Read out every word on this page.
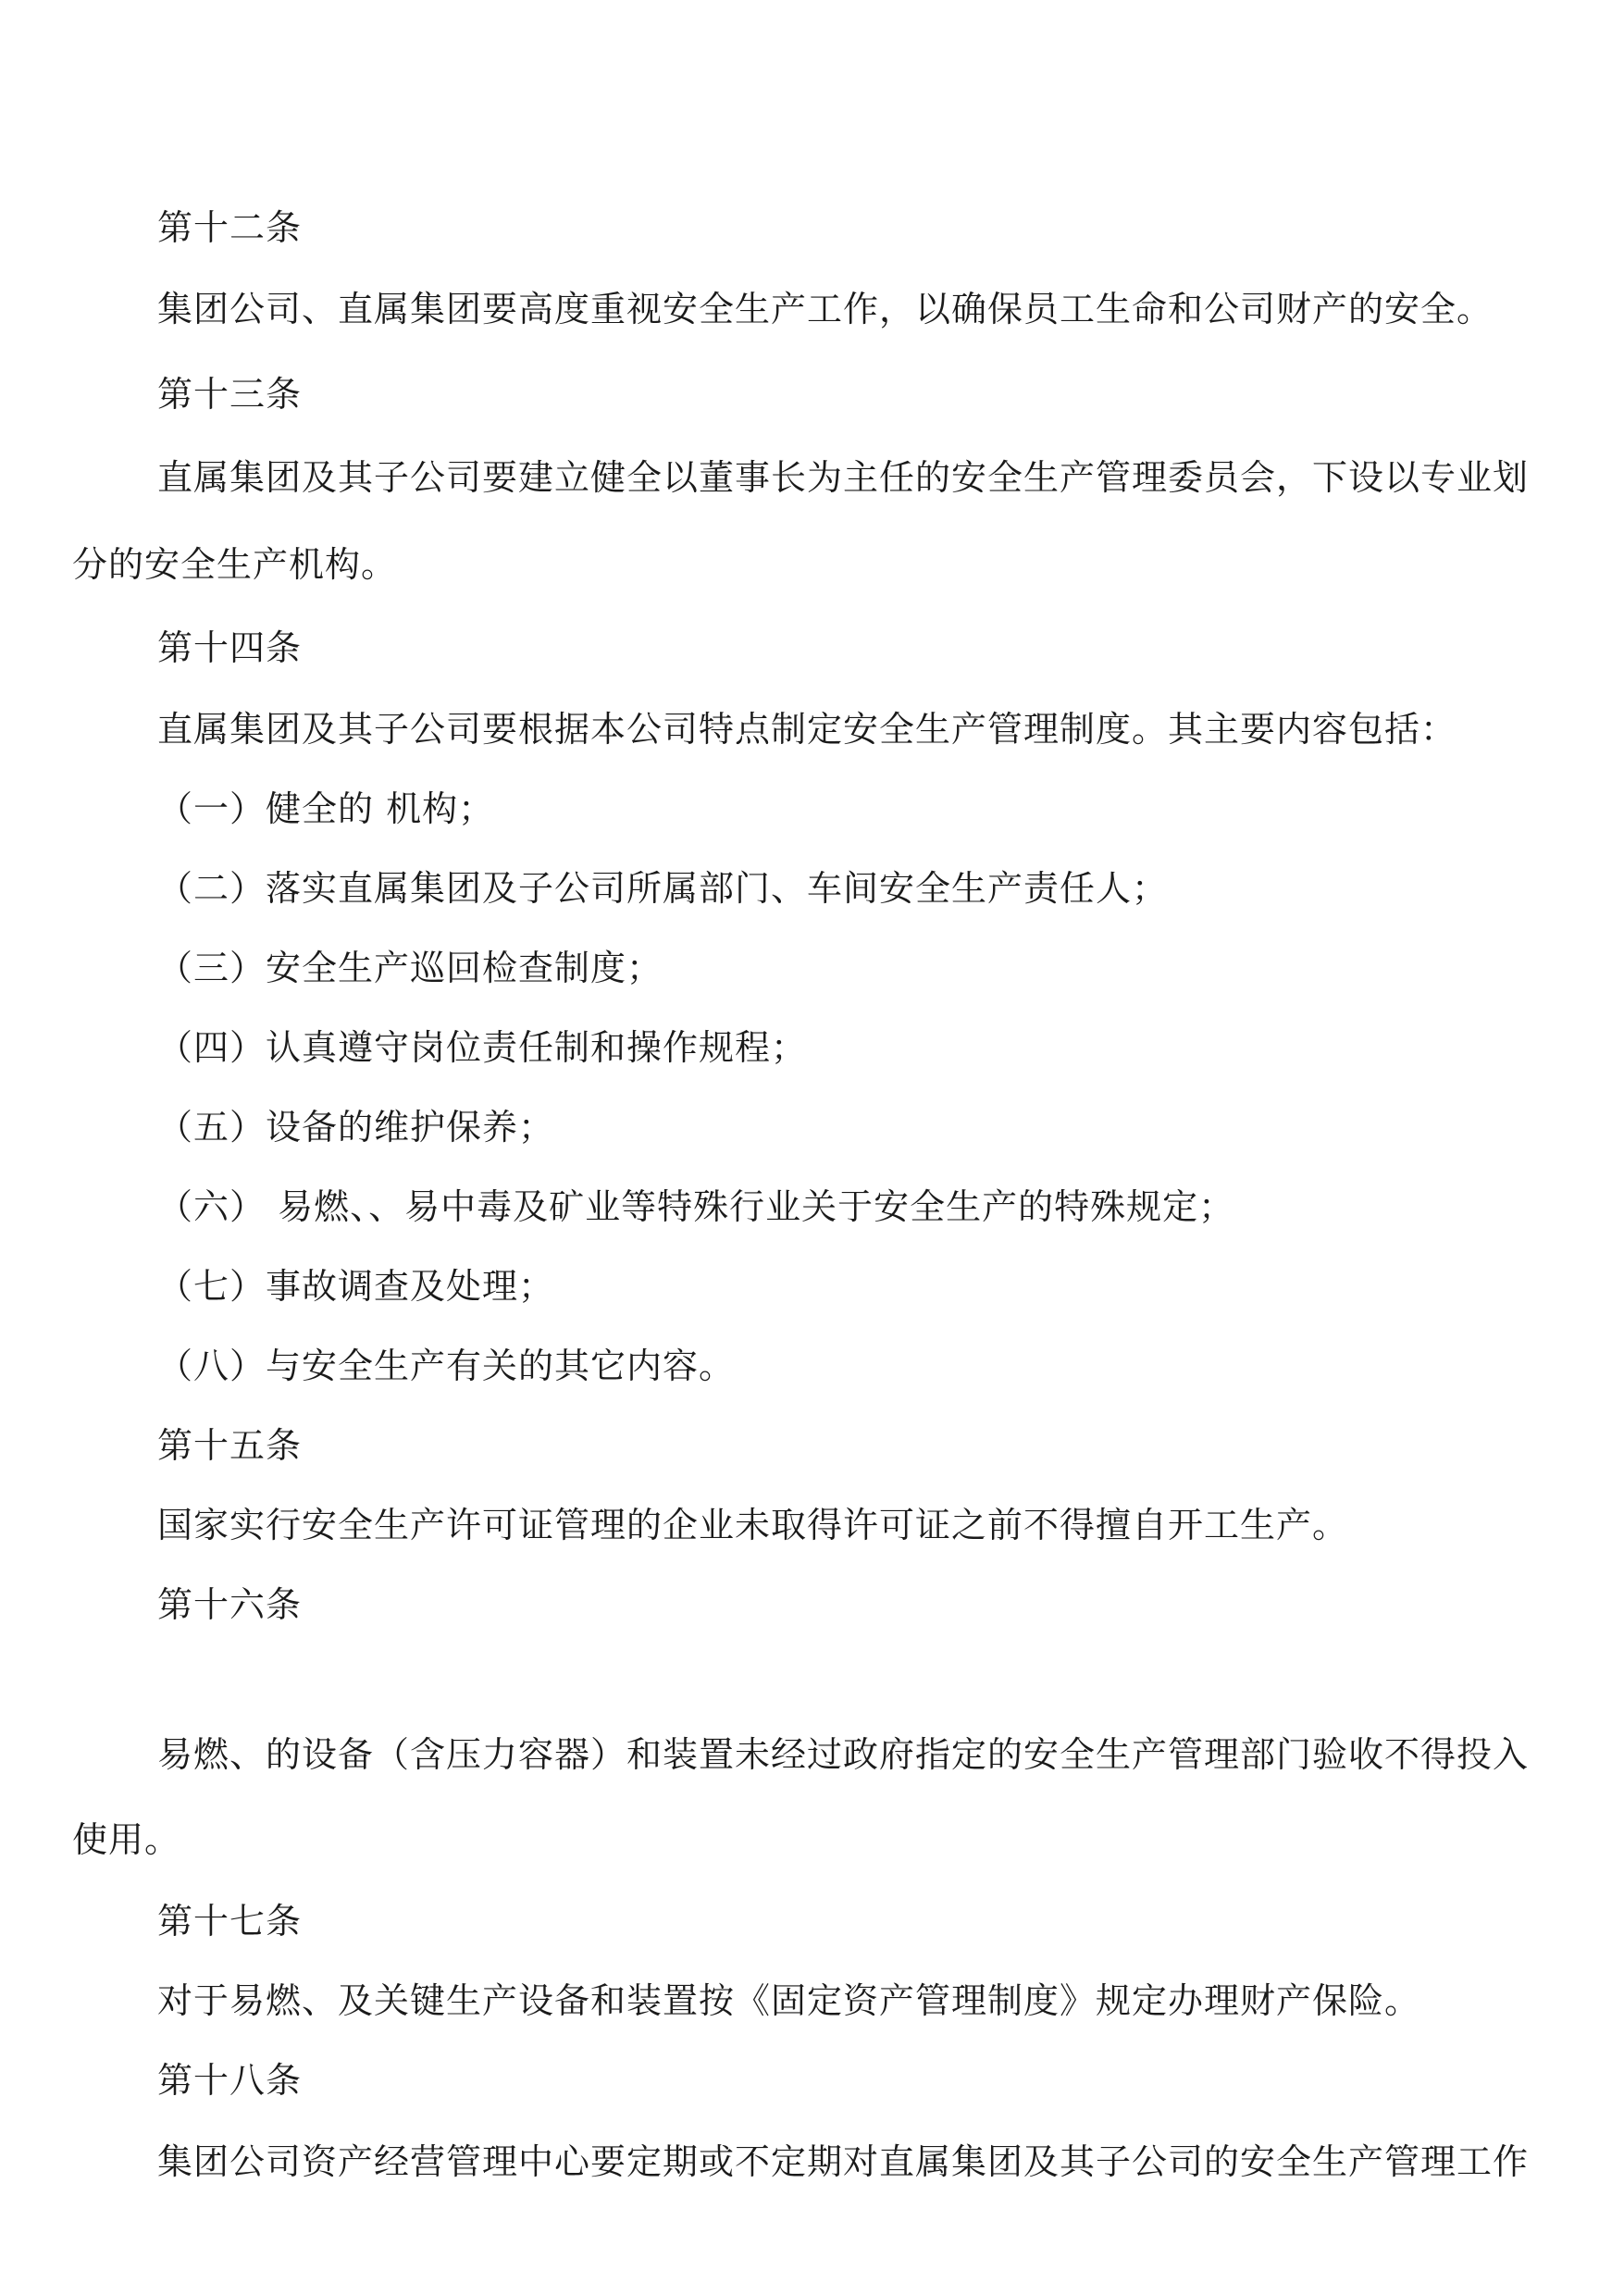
第十二条
集团公司、直属集团要高度重视安全生产工作，以确保员工生命和公司财产的安全。
第十三条
直属集团及其子公司要建立健全以董事长为主任的安全生产管理委员会，下设以专业划
分的安全生产机构。
第十四条
直属集团及其子公司要根据本公司特点制定安全生产管理制度。其主要内容包括：
（一）健全的 机构；
（二）落实直属集团及子公司所属部门、车间安全生产责任人；
（三）安全生产巡回检查制度；
（四）认真遵守岗位责任制和操作规程；
（五）设备的维护保养；
（六） 易燃、、易中毒及矿业等特殊行业关于安全生产的特殊规定；
（七）事故调查及处理；
（八）与安全生产有关的其它内容。
第十五条
国家实行安全生产许可证管理的企业未取得许可证之前不得擅自开工生产。
第十六条
易燃、的设备（含压力容器）和装置未经过政府指定的安全生产管理部门验收不得投入
使用。
第十七条
对于易燃、及关键生产设备和装置按《固定资产管理制度》规定办理财产保险。
第十八条
集团公司资产经营管理中心要定期或不定期对直属集团及其子公司的安全生产管理工作
